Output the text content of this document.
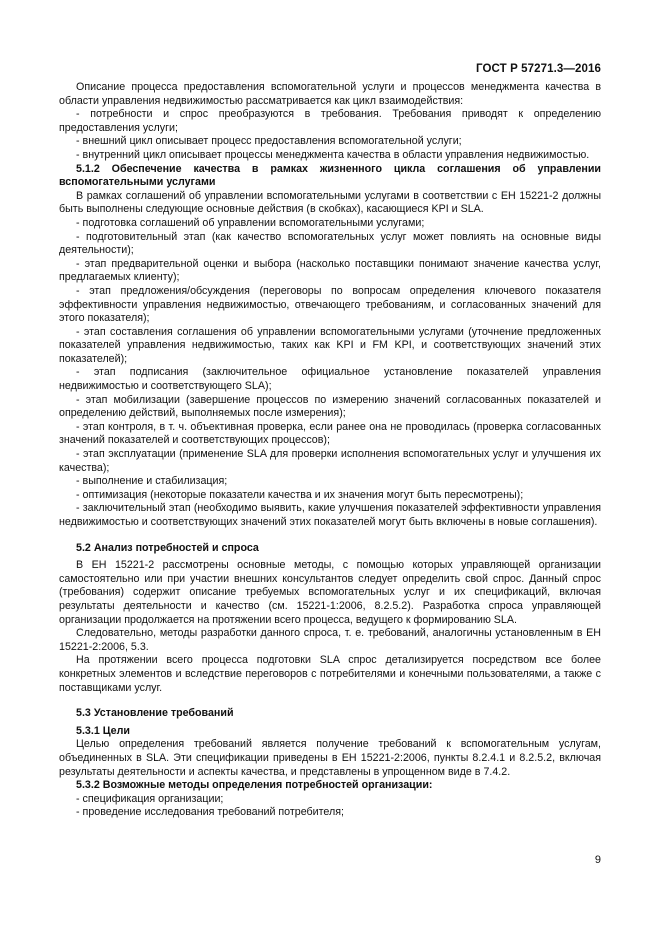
ГОСТ Р 57271.3—2016

Описание процесса предоставления вспомогательной услуги и процессов менеджмента качества в области управления недвижимостью рассматривается как цикл взаимодействия:

- потребности и спрос преобразуются в требования. Требования приводят к определению предоставления услуги;

- внешний цикл описывает процесс предоставления вспомогательной услуги;

- внутренний цикл описывает процессы менеджмента качества в области управления недвижимостью.

5.1.2 Обеспечение качества в рамках жизненного цикла соглашения об управлении вспомогательными услугами

В рамках соглашений об управлении вспомогательными услугами в соответствии с ЕН 15221-2 должны быть выполнены следующие основные действия (в скобках), касающиеся KPI и SLA.

- подготовка соглашений об управлении вспомогательными услугами;

- подготовительный этап (как качество вспомогательных услуг может повлиять на основные виды деятельности);

- этап предварительной оценки и выбора (насколько поставщики понимают значение качества услуг, предлагаемых клиенту);

- этап предложения/обсуждения (переговоры по вопросам определения ключевого показателя эффективности управления недвижимостью, отвечающего требованиям, и согласованных значений для этого показателя);

- этап составления соглашения об управлении вспомогательными услугами (уточнение предложенных показателей управления недвижимостью, таких как KPI и FM KPI, и соответствующих значений этих показателей);

- этап подписания (заключительное официальное установление показателей управления недвижимостью и соответствующего SLA);

- этап мобилизации (завершение процессов по измерению значений согласованных показателей и определению действий, выполняемых после измерения);

- этап контроля, в т. ч. объективная проверка, если ранее она не проводилась (проверка согласованных значений показателей и соответствующих процессов);

- этап эксплуатации (применение SLA для проверки исполнения вспомогательных услуг и улучшения их качества);

- выполнение и стабилизация;

- оптимизация (некоторые показатели качества и их значения могут быть пересмотрены);

- заключительный этап (необходимо выявить, какие улучшения показателей эффективности управления недвижимостью и соответствующих значений этих показателей могут быть включены в новые соглашения).

5.2 Анализ потребностей и спроса

В ЕН 15221-2 рассмотрены основные методы, с помощью которых управляющей организации самостоятельно или при участии внешних консультантов следует определить свой спрос. Данный спрос (требования) содержит описание требуемых вспомогательных услуг и их спецификаций, включая результаты деятельности и качество (см. 15221-1:2006, 8.2.5.2). Разработка спроса управляющей организации продолжается на протяжении всего процесса, ведущего к формированию SLA.

Следовательно, методы разработки данного спроса, т. е. требований, аналогичны установленным в ЕН 15221-2:2006, 5.3.

На протяжении всего процесса подготовки SLA спрос детализируется посредством все более конкретных элементов и вследствие переговоров с потребителями и конечными пользователями, а также с поставщиками услуг.

5.3 Установление требований

5.3.1 Цели

Целью определения требований является получение требований к вспомогательным услугам, объединенных в SLA. Эти спецификации приведены в ЕН 15221-2:2006, пункты 8.2.4.1 и 8.2.5.2, включая результаты деятельности и аспекты качества, и представлены в упрощенном виде в 7.4.2.

5.3.2 Возможные методы определения потребностей организации:

- спецификация организации;

- проведение исследования требований потребителя;

9
